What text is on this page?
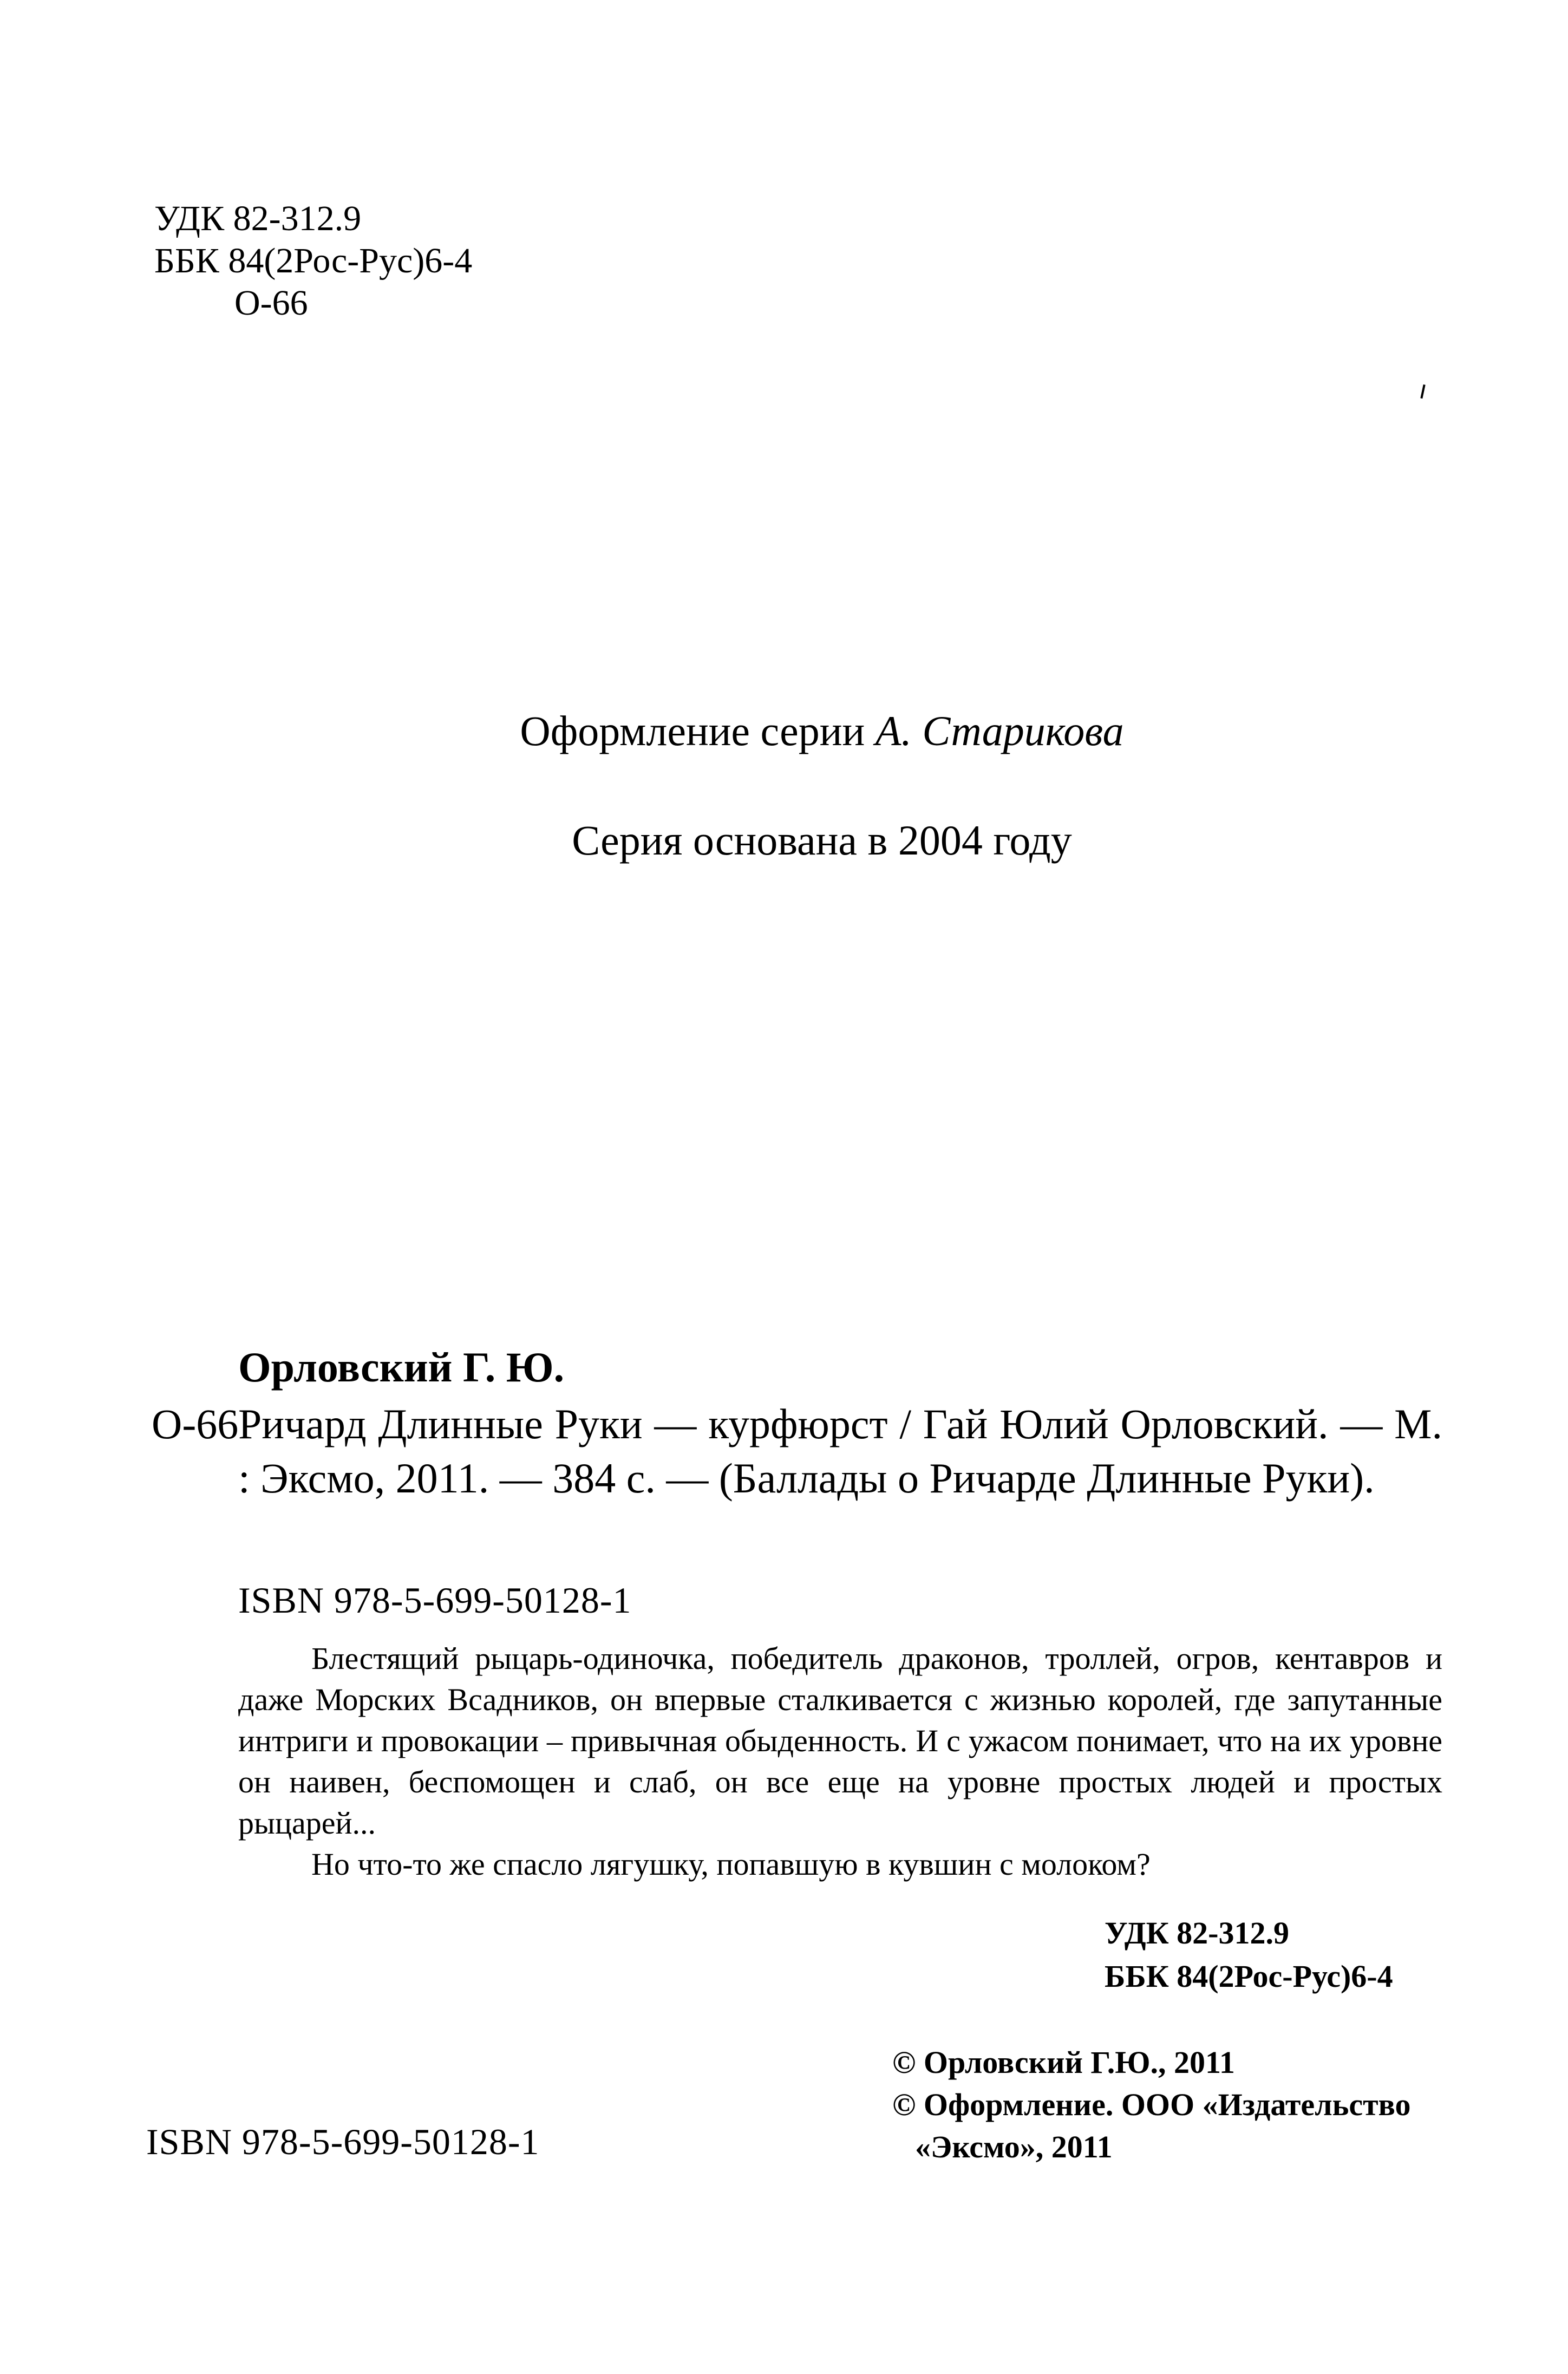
УДК 82-312.9
ББК 84(2Рос-Рус)6-4
О-66
Оформление серии А. Старикова
Серия основана в 2004 году
Орловский Г. Ю.
О-66 Ричард Длинные Руки — курфюрст / Гай Юлий Орловский. — М. : Эксмо, 2011. — 384 с. — (Баллады о Ричарде Длинные Руки).
ISBN 978-5-699-50128-1

Блестящий рыцарь-одиночка, победитель драконов, троллей, огров, кентавров и даже Морских Всадников, он впервые сталкивается с жизнью королей, где запутанные интриги и провокации – привычная обыденность. И с ужасом понимает, что на их уровне он наивен, беспомощен и слаб, он все еще на уровне простых людей и простых рыцарей...

Но что-то же спасло лягушку, попавшую в кувшин с молоком?

УДК 82-312.9
ББК 84(2Рос-Рус)6-4
© Орловский Г.Ю., 2011
© Оформление. ООО «Издательство
«Эксмо», 2011
ISBN 978-5-699-50128-1
